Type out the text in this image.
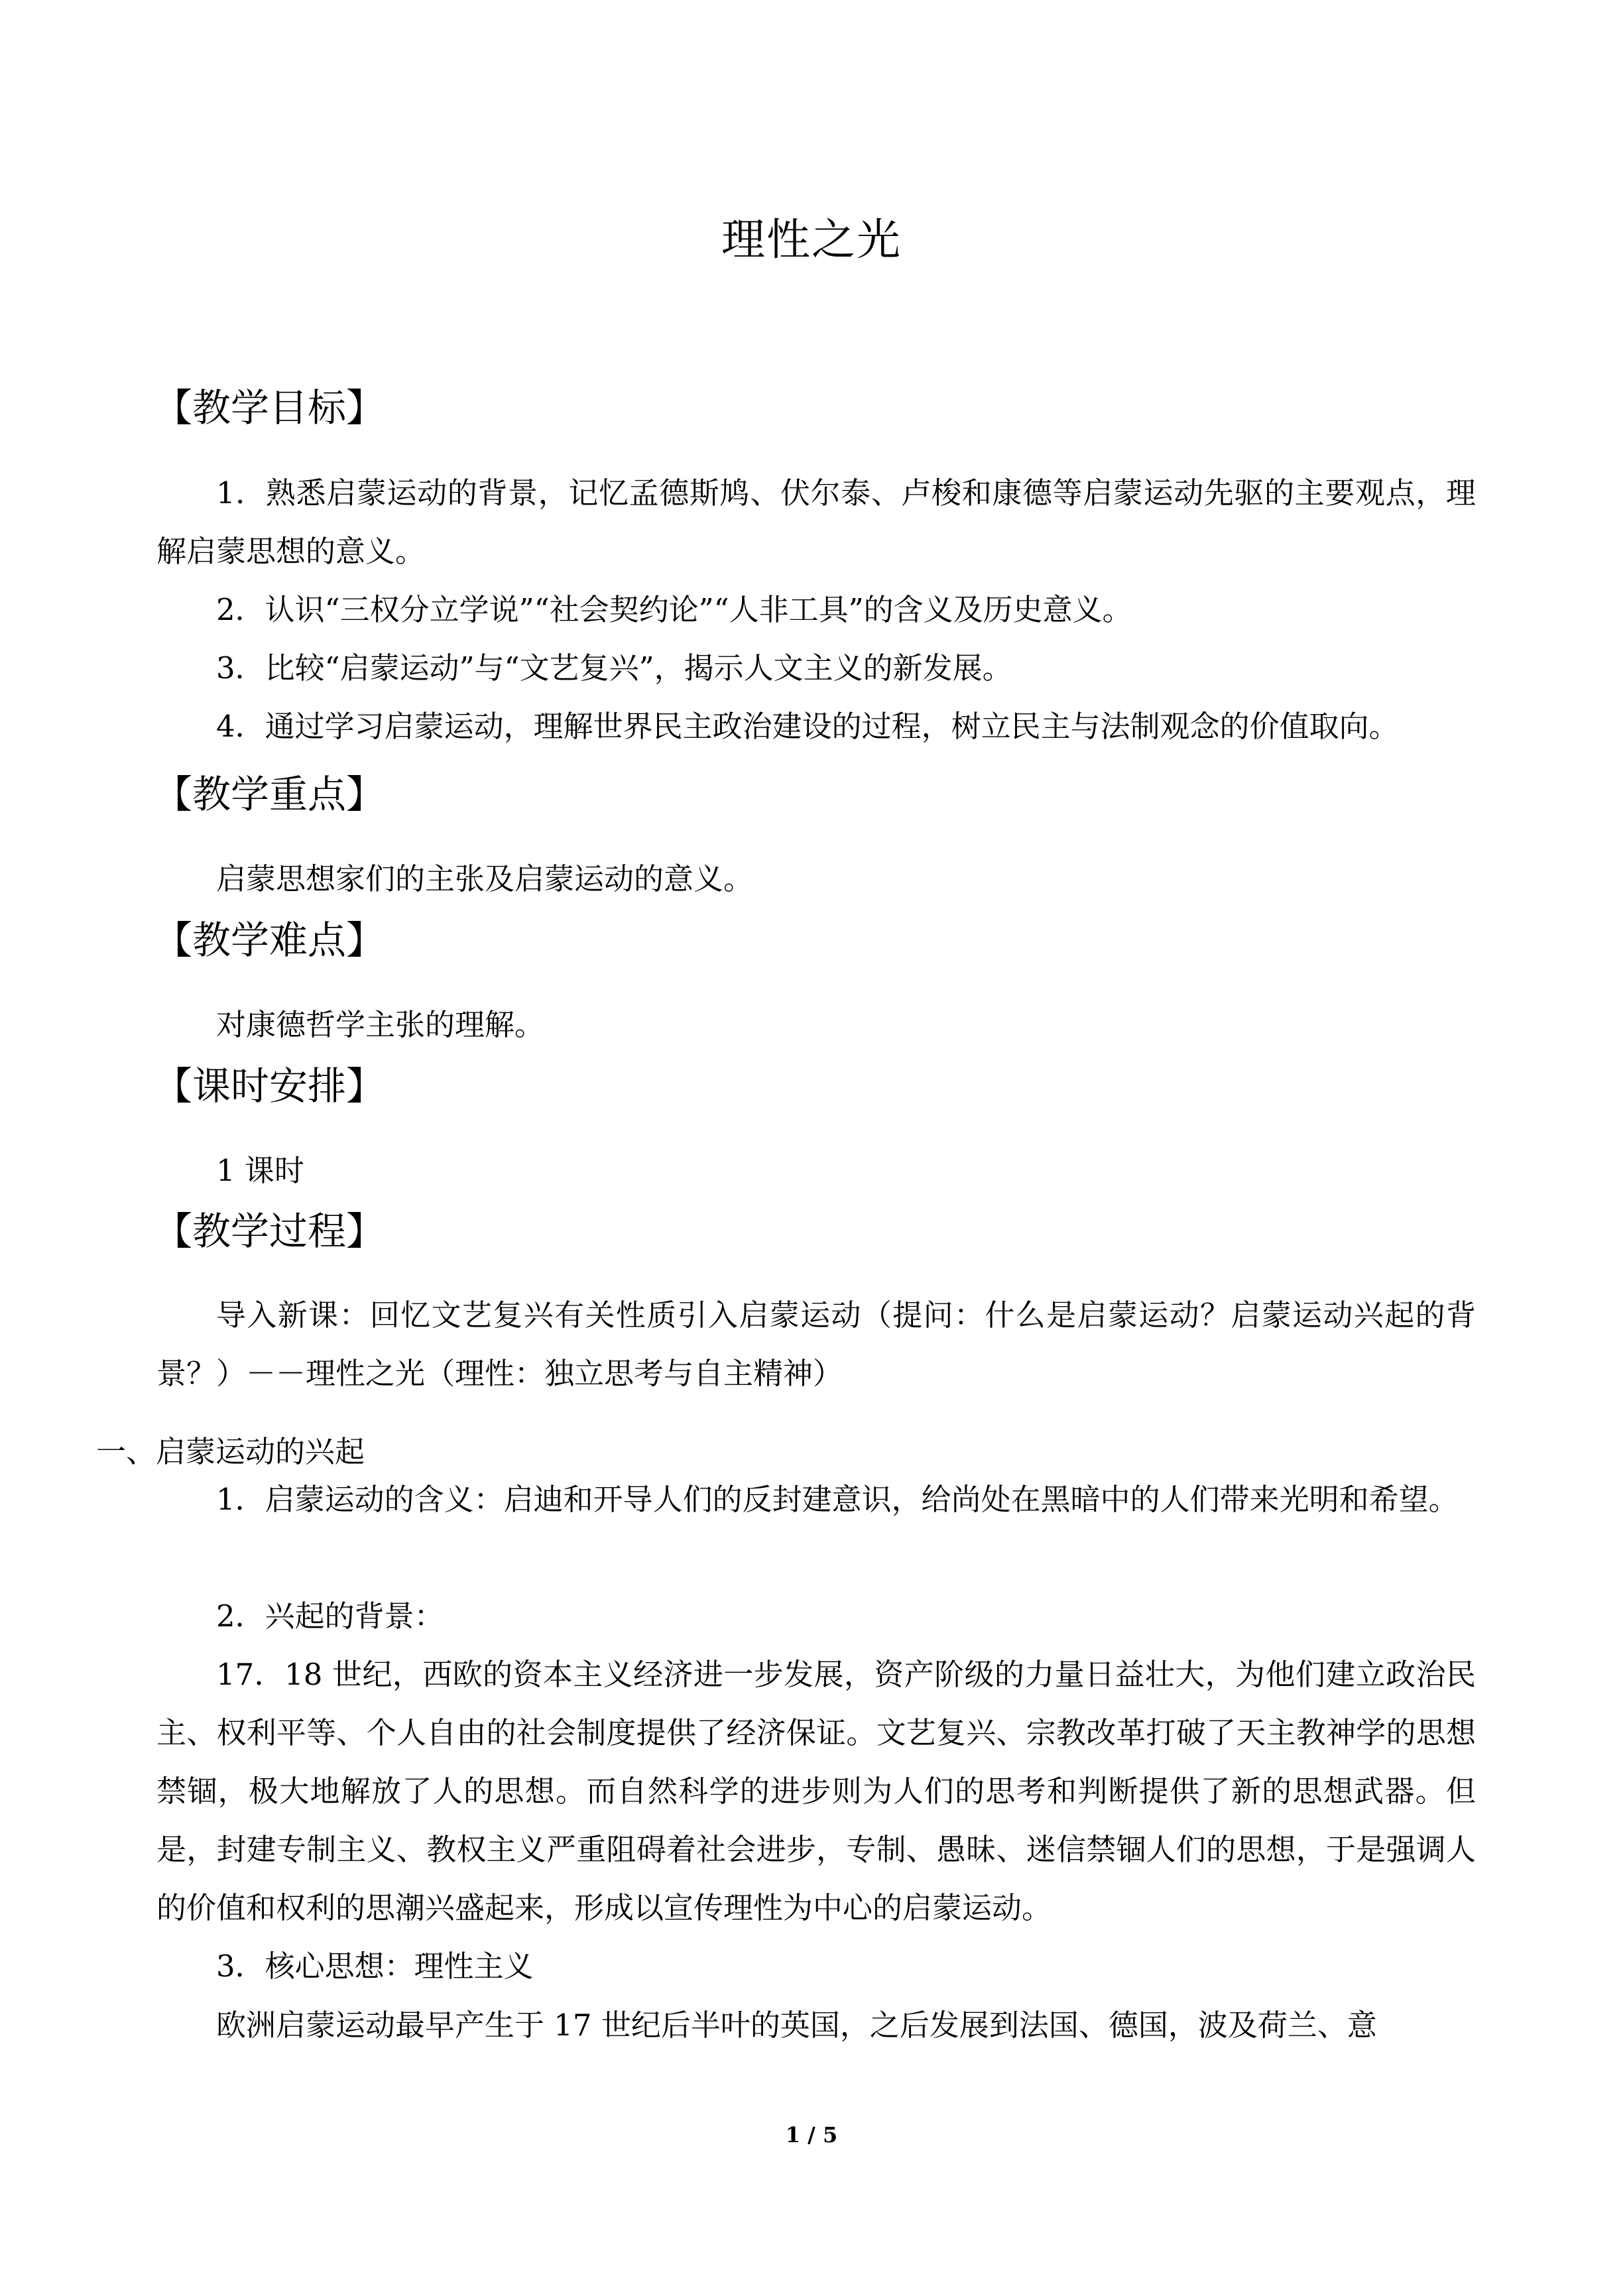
理性之光
【教学目标】

1．熟悉启蒙运动的背景，记忆孟德斯鸠、伏尔泰、卢梭和康德等启蒙运动先驱的主要观点，理解启蒙思想的意义。

2．认识“三权分立学说”“社会契约论”“人非工具”的含义及历史意义。

3．比较“启蒙运动”与“文艺复兴”，揭示人文主义的新发展。

4．通过学习启蒙运动，理解世界民主政治建设的过程，树立民主与法制观念的价值取向。

【教学重点】

启蒙思想家们的主张及启蒙运动的意义。

【教学难点】

对康德哲学主张的理解。

【课时安排】

1 课时

【教学过程】

导入新课：回忆文艺复兴有关性质引入启蒙运动（提问：什么是启蒙运动？启蒙运动兴起的背景？）－－理性之光（理性：独立思考与自主精神）

一、启蒙运动的兴起

1．启蒙运动的含义：启迪和开导人们的反封建意识，给尚处在黑暗中的人们带来光明和希望。

2．兴起的背景：

17．18 世纪，西欧的资本主义经济进一步发展，资产阶级的力量日益壮大，为他们建立政治民主、权利平等、个人自由的社会制度提供了经济保证。文艺复兴、宗教改革打破了天主教神学的思想禁锢，极大地解放了人的思想。而自然科学的进步则为人们的思考和判断提供了新的思想武器。但是，封建专制主义、教权主义严重阻碍着社会进步，专制、愚昧、迷信禁锢人们的思想，于是强调人的价值和权利的思潮兴盛起来，形成以宣传理性为中心的启蒙运动。

3．核心思想：理性主义

欧洲启蒙运动最早产生于 17 世纪后半叶的英国，之后发展到法国、德国，波及荷兰、意
1 / 5
